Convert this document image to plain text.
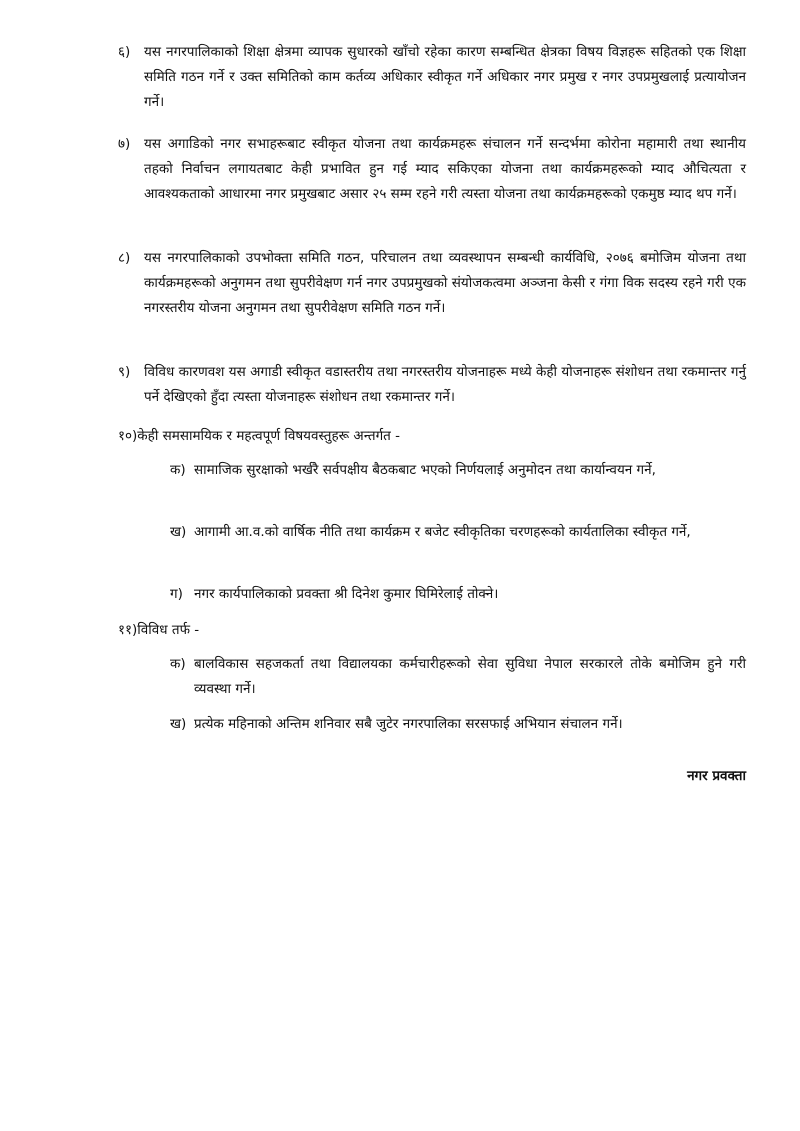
६) यस नगरपालिकाको शिक्षा क्षेत्रमा व्यापक सुधारको खाँचो रहेका कारण सम्बन्धित क्षेत्रका विषय विज्ञहरू सहितको एक शिक्षा समिति गठन गर्ने र उक्त समितिको काम कर्तव्य अधिकार स्वीकृत गर्ने अधिकार नगर प्रमुख र नगर उपप्रमुखलाई प्रत्यायोजन गर्ने।
७) यस अगाडिको नगर सभाहरूबाट स्वीकृत योजना तथा कार्यक्रमहरू संचालन गर्ने सन्दर्भमा कोरोना महामारी तथा स्थानीय तहको निर्वाचन लगायतबाट केही प्रभावित हुन गई म्याद सकिएका योजना तथा कार्यक्रमहरूको म्याद औचित्यता र आवश्यकताको आधारमा नगर प्रमुखबाट असार २५ सम्म रहने गरी त्यस्ता योजना तथा कार्यक्रमहरूको एकमुष्ठ म्याद थप गर्ने।
८) यस नगरपालिकाको उपभोक्ता समिति गठन, परिचालन तथा व्यवस्थापन सम्बन्धी कार्यविधि, २०७६ बमोजिम योजना तथा कार्यक्रमहरूको अनुगमन तथा सुपरीवेक्षण गर्न नगर उपप्रमुखको संयोजकत्वमा अञ्जना केसी र गंगा विक सदस्य रहने गरी एक नगरस्तरीय योजना अनुगमन तथा सुपरीवेक्षण समिति गठन गर्ने।
९) विविध कारणवश यस अगाडी स्वीकृत वडास्तरीय तथा नगरस्तरीय योजनाहरू मध्ये केही योजनाहरू संशोधन तथा रकमान्तर गर्नु पर्ने देखिएको हुँदा त्यस्ता योजनाहरू संशोधन तथा रकमान्तर गर्ने।
१०)केही समसामयिक र महत्वपूर्ण विषयवस्तुहरू अन्तर्गत -
क) सामाजिक सुरक्षाको भर्खरै सर्वपक्षीय बैठकबाट भएको निर्णयलाई अनुमोदन तथा कार्यान्वयन गर्ने,
ख) आगामी आ.व.को वार्षिक नीति तथा कार्यक्रम र बजेट स्वीकृतिका चरणहरूको कार्यतालिका स्वीकृत गर्ने,
ग) नगर कार्यपालिकाको प्रवक्ता श्री दिनेश कुमार घिमिरेलाई तोक्ने।
११)विविध तर्फ -
क) बालविकास सहजकर्ता तथा विद्यालयका कर्मचारीहरूको सेवा सुविधा नेपाल सरकारले तोके बमोजिम हुने गरी व्यवस्था गर्ने।
ख) प्रत्येक महिनाको अन्तिम शनिवार सबै जुटेर नगरपालिका सरसफाई अभियान संचालन गर्ने।
नगर प्रवक्ता
